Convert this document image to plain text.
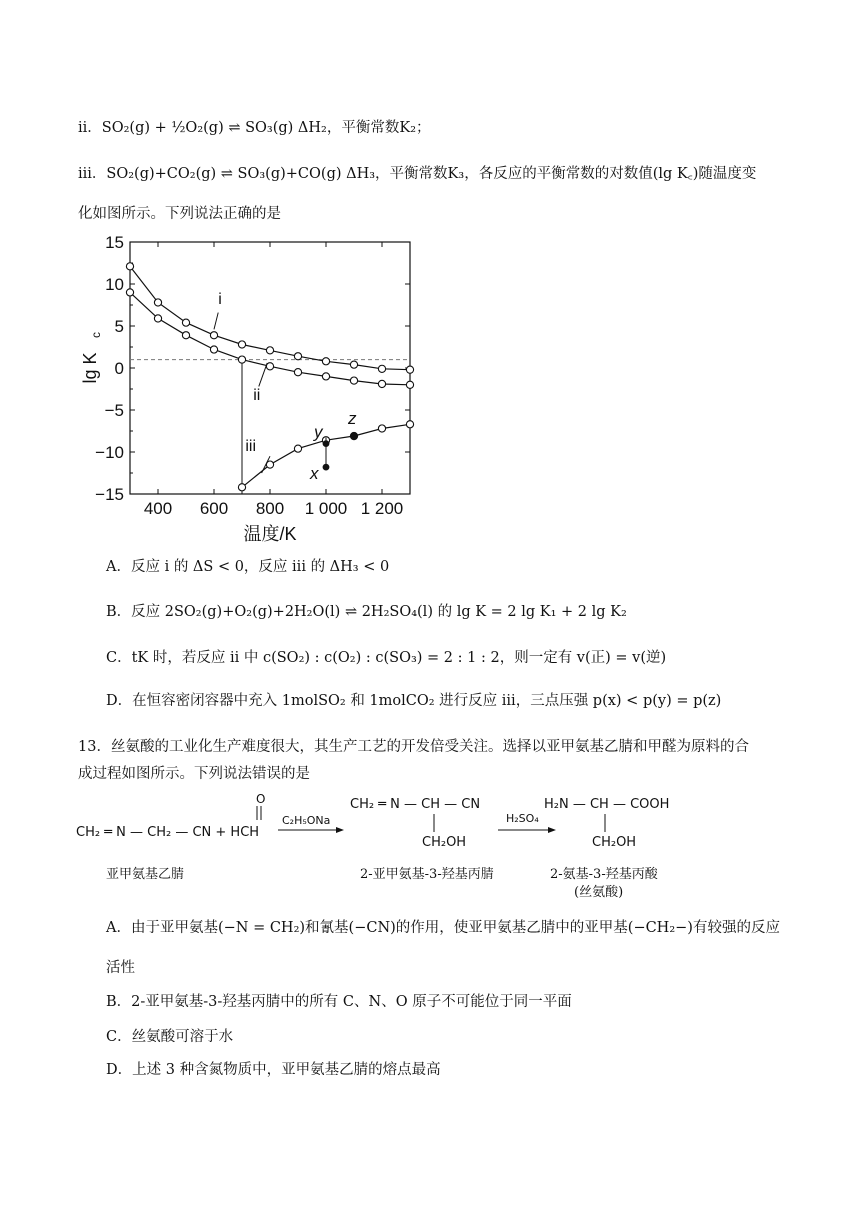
ii．SO₂(g) + ½O₂(g) ⇌ SO₃(g) ΔH₂，平衡常数K₂；
iii．SO₂(g)+CO₂(g) ⇌ SO₃(g)+CO(g) ΔH₃，平衡常数K₃，各反应的平衡常数的对数值(lg K꜀)随温度变
化如图所示。下列说法正确的是
400 600 800 1 000 1 200
15
10
5
0
−5
−10
−15
温度/K
lg K
c
i
ii
iii
x
y
z
A．反应 i 的 ΔS < 0，反应 iii 的 ΔH₃ < 0
B．反应 2SO₂(g)+O₂(g)+2H₂O(l) ⇌ 2H₂SO₄(l) 的 lg K = 2 lg K₁ + 2 lg K₂
C．tK 时，若反应 ii 中 c(SO₂) : c(O₂) : c(SO₃) = 2 : 1 : 2，则一定有 v(正) = v(逆)
D．在恒容密闭容器中充入 1molSO₂ 和 1molCO₂ 进行反应 iii，三点压强 p(x) < p(y) = p(z)
13．丝氨酸的工业化生产难度很大，其生产工艺的开发倍受关注。选择以亚甲氨基乙腈和甲醛为原料的合
成过程如图所示。下列说法错误的是
O
CH₂ ═ N — CH₂ — CN + HCH
C₂H₅ONa
CH₂ ═ N — CH — CN
CH₂OH
H₂SO₄
H₂N — CH — COOH
CH₂OH
亚甲氨基乙腈	2-亚甲氨基-3-羟基丙腈	2-氨基-3-羟基丙酸
(丝氨酸)
A．由于亚甲氨基(−N = CH₂)和氰基(−CN)的作用，使亚甲氨基乙腈中的亚甲基(−CH₂−)有较强的反应
活性
B．2-亚甲氨基-3-羟基丙腈中的所有 C、N、O 原子不可能位于同一平面
C．丝氨酸可溶于水
D．上述 3 种含氮物质中，亚甲氨基乙腈的熔点最高
